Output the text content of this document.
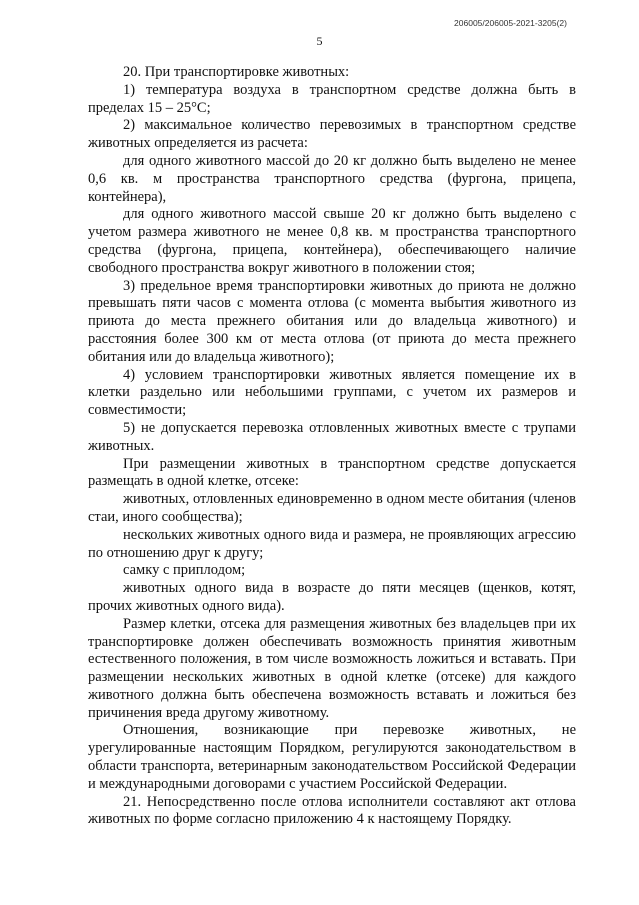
206005/206005-2021-3205(2)
5

20. При транспортировке животных:

1) температура воздуха в транспортном средстве должна быть в пределах 15 – 25°С;

2) максимальное количество перевозимых в транспортном средстве животных определяется из расчета:

для одного животного массой до 20 кг должно быть выделено не менее 0,6 кв. м пространства транспортного средства (фургона, прицепа, контейнера),

для одного животного массой свыше 20 кг должно быть выделено с учетом размера животного не менее 0,8 кв. м пространства транспортного средства (фургона, прицепа, контейнера), обеспечивающего наличие свободного пространства вокруг животного в положении стоя;

3) предельное время транспортировки животных до приюта не должно превышать пяти часов с момента отлова (с момента выбытия животного из приюта до места прежнего обитания или до владельца животного) и расстояния более 300 км от места отлова (от приюта до места прежнего обитания или до владельца животного);

4) условием транспортировки животных является помещение их в клетки раздельно или небольшими группами, с учетом их размеров и совместимости;

5) не допускается перевозка отловленных животных вместе с трупами животных.

При размещении животных в транспортном средстве допускается размещать в одной клетке, отсеке:

животных, отловленных единовременно в одном месте обитания (членов стаи, иного сообщества);

нескольких животных одного вида и размера, не проявляющих агрессию по отношению друг к другу;

самку с приплодом;

животных одного вида в возрасте до пяти месяцев (щенков, котят, прочих животных одного вида).

Размер клетки, отсека для размещения животных без владельцев при их транспортировке должен обеспечивать возможность принятия животным естественного положения, в том числе возможность ложиться и вставать. При размещении нескольких животных в одной клетке (отсеке) для каждого животного должна быть обеспечена возможность вставать и ложиться без причинения вреда другому животному.

Отношения, возникающие при перевозке животных, не урегулированные настоящим Порядком, регулируются законодательством в области транспорта, ветеринарным законодательством Российской Федерации и международными договорами с участием Российской Федерации.

21. Непосредственно после отлова исполнители составляют акт отлова животных по форме согласно приложению 4 к настоящему Порядку.
